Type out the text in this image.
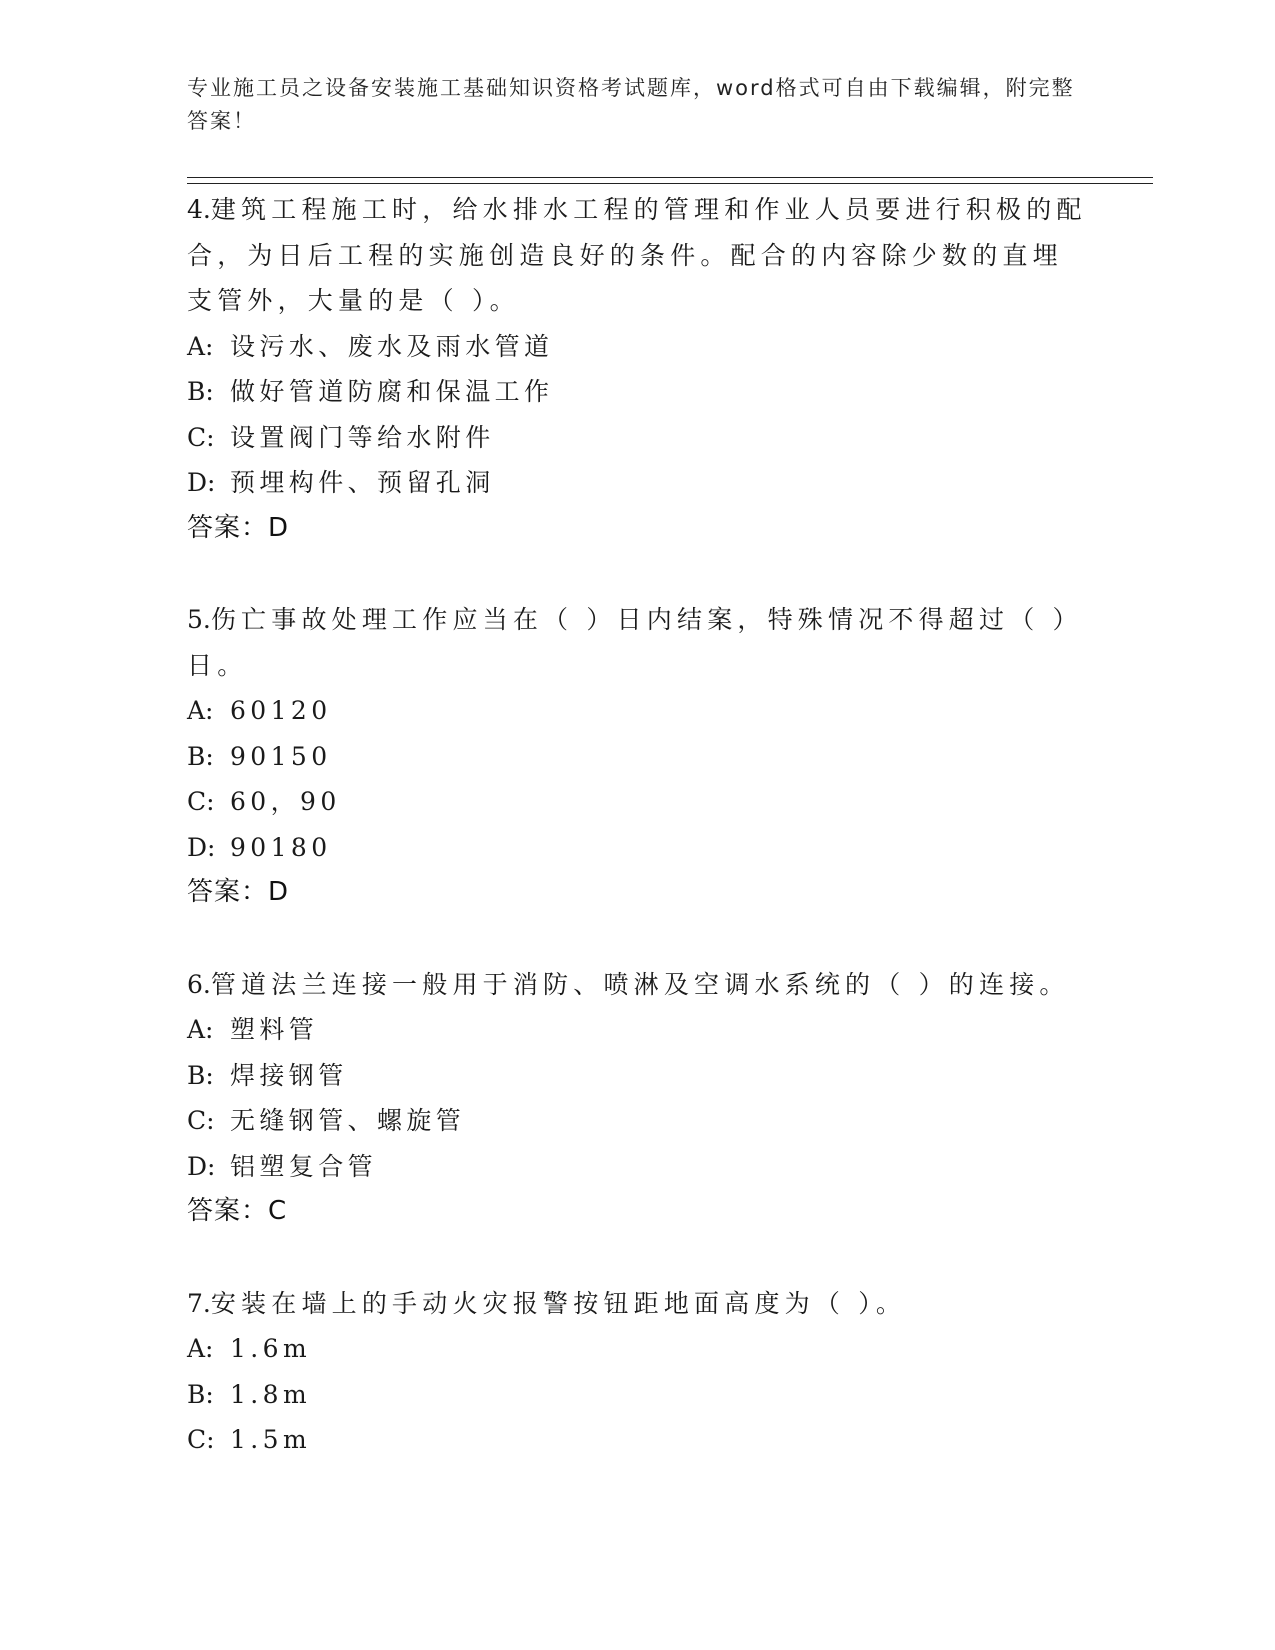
专业施工员之设备安装施工基础知识资格考试题库，word格式可自由下载编辑，附完整答案！

4.建筑工程施工时，给水排水工程的管理和作业人员要进行积极的配合，为日后工程的实施创造良好的条件。配合的内容除少数的直埋支管外，大量的是（ ）。

A: 设污水、废水及雨水管道

B: 做好管道防腐和保温工作

C: 设置阀门等给水附件

D: 预埋构件、预留孔洞

答案：D

5.伤亡事故处理工作应当在（ ）日内结案，特殊情况不得超过（ ）日。

A: 60120

B: 90150

C: 60，90

D: 90180

答案：D

6.管道法兰连接一般用于消防、喷淋及空调水系统的（ ）的连接。

A: 塑料管

B: 焊接钢管

C: 无缝钢管、螺旋管

D: 铝塑复合管

答案：C

7.安装在墙上的手动火灾报警按钮距地面高度为（ ）。

A: 1.6m

B: 1.8m

C: 1.5m
